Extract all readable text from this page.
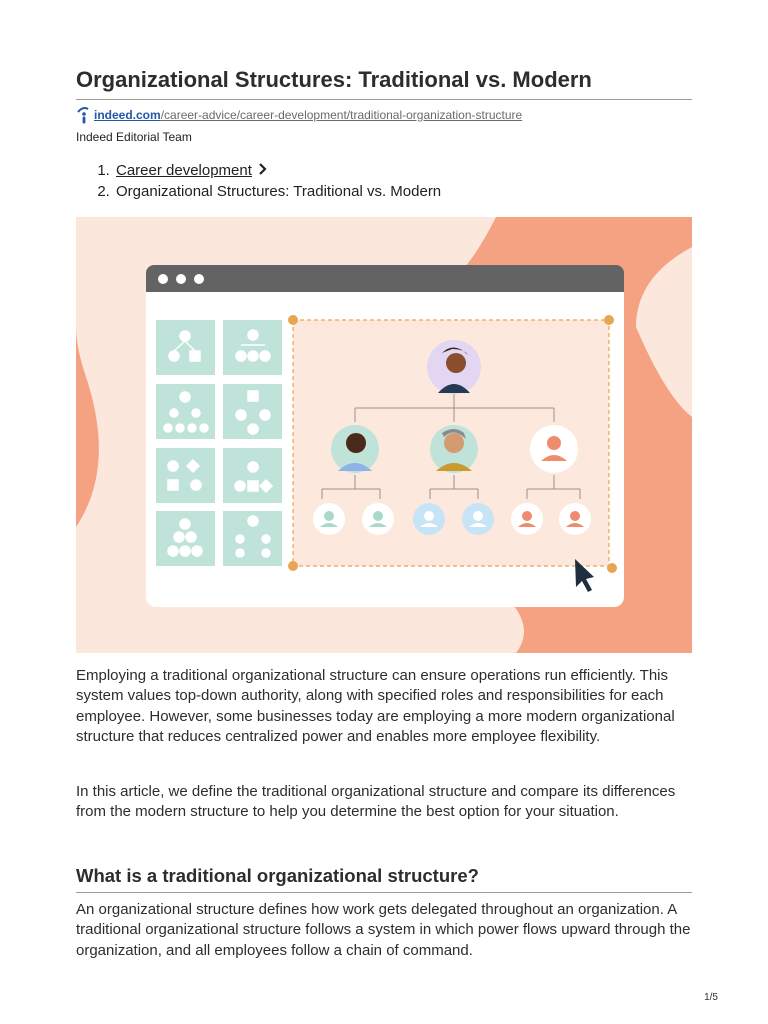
Organizational Structures: Traditional vs. Modern
indeed.com/career-advice/career-development/traditional-organization-structure
Indeed Editorial Team
1. Career development
2. Organizational Structures: Traditional vs. Modern

Employing a traditional organizational structure can ensure operations run efficiently. This system values top-down authority, along with specified roles and responsibilities for each employee. However, some businesses today are employing a more modern organizational structure that reduces centralized power and enables more employee flexibility.

In this article, we define the traditional organizational structure and compare its differences from the modern structure to help you determine the best option for your situation.

What is a traditional organizational structure?

An organizational structure defines how work gets delegated throughout an organization. A traditional organizational structure follows a system in which power flows upward through the organization, and all employees follow a chain of command.

1/5
